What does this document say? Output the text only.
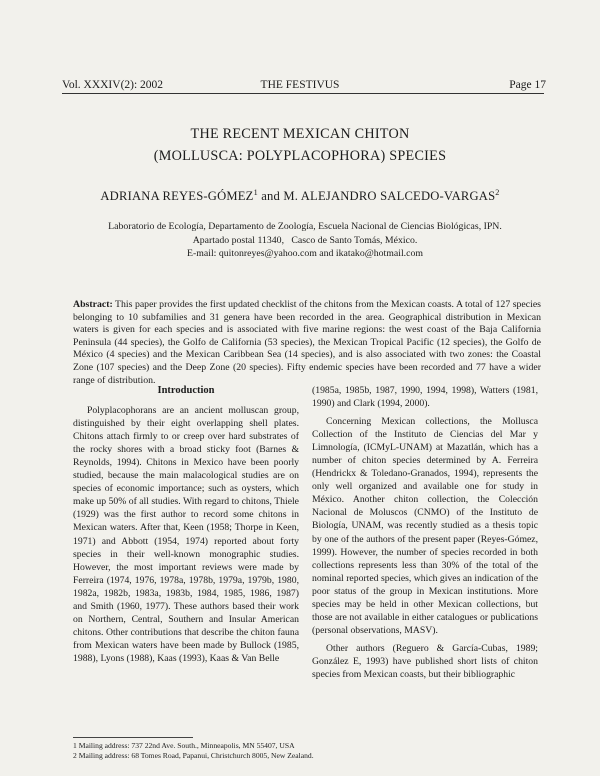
Vol. XXXIV(2): 2002	THE FESTIVUS	Page 17
THE RECENT MEXICAN CHITON
(MOLLUSCA: POLYPLACOPHORA) SPECIES
ADRIANA REYES-GÓMEZ$^1$ and M. ALEJANDRO SALCEDO-VARGAS$^2$
Laboratorio de Ecología, Departamento de Zoología, Escuela Nacional de Ciencias Biológicas, IPN.
Apartado postal 11340,   Casco de Santo Tomás, México.
E-mail: quitonreyes@yahoo.com and ikatako@hotmail.com
Abstract: This paper provides the first updated checklist of the chitons from the Mexican coasts. A total of 127 species belonging to 10 subfamilies and 31 genera have been recorded in the area. Geographical distribution in Mexican waters is given for each species and is associated with five marine regions: the west coast of the Baja California Peninsula (44 species), the Golfo de California (53 species), the Mexican Tropical Pacific (12 species), the Golfo de México (4 species) and the Mexican Caribbean Sea (14 species), and is also associated with two zones: the Coastal Zone (107 species) and the Deep Zone (20 species). Fifty endemic species have been recorded and 77 have a wider range of distribution.
Introduction

Polyplacophorans are an ancient molluscan group, distinguished by their eight overlapping shell plates. Chitons attach firmly to or creep over hard substrates of the rocky shores with a broad sticky foot (Barnes & Reynolds, 1994). Chitons in Mexico have been poorly studied, because the main malacological studies are on species of economic importance; such as oysters, which make up 50% of all studies. With regard to chitons, Thiele (1929) was the first author to record some chitons in Mexican waters. After that, Keen (1958; Thorpe in Keen, 1971) and Abbott (1954, 1974) reported about forty species in their well-known monographic studies. However, the most important reviews were made by Ferreira (1974, 1976, 1978a, 1978b, 1979a, 1979b, 1980, 1982a, 1982b, 1983a, 1983b, 1984, 1985, 1986, 1987) and Smith (1960, 1977). These authors based their work on Northern, Central, Southern and Insular American chitons. Other contributions that describe the chiton fauna from Mexican waters have been made by Bullock (1985, 1988), Lyons (1988), Kaas (1993), Kaas & Van Belle

(1985a, 1985b, 1987, 1990, 1994, 1998), Watters (1981, 1990) and Clark (1994, 2000).

Concerning Mexican collections, the Mollusca Collection of the Instituto de Ciencias del Mar y Limnología, (ICMyL-UNAM) at Mazatlán, which has a number of chiton species determined by A. Ferreira (Hendrickx & Toledano-Granados, 1994), represents the only well organized and available one for study in México. Another chiton collection, the Colección Nacional de Moluscos (CNMO) of the Instituto de Biología, UNAM, was recently studied as a thesis topic by one of the authors of the present paper (Reyes-Gómez, 1999). However, the number of species recorded in both collections represents less than 30% of the total of the nominal reported species, which gives an indication of the poor status of the group in Mexican institutions. More species may be held in other Mexican collections, but those are not available in either catalogues or publications (personal observations, MASV).

Other authors (Reguero & García-Cubas, 1989; González E, 1993) have published short lists of chiton species from Mexican coasts, but their bibliographic

1 Mailing address: 737 22nd Ave. South., Minneapolis, MN 55407, USA
2 Mailing address: 68 Tomes Road, Papanui, Christchurch 8005, New Zealand.
